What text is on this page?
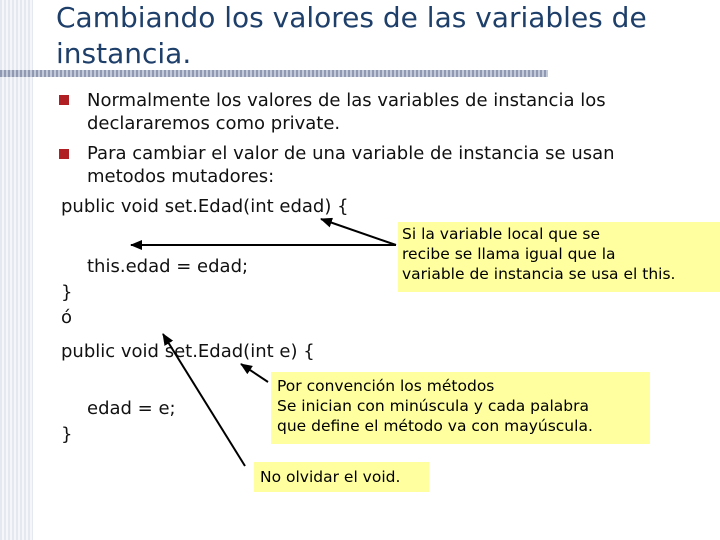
Cambiando los valores de las variables de instancia.

Normalmente los valores de las variables de instancia los
declararemos como private.

Para cambiar el valor de una variable de instancia se usan
metodos mutadores:

public void set.Edad(int edad) {
this.edad = edad;
}
ó
public void set.Edad(int e) {
edad = e;
}
Si la variable local que se
recibe se llama igual que la
variable de instancia se usa el this.
Por convención los métodos
Se inician con minúscula y cada palabra
que define el método va con mayúscula.
No olvidar el void.
